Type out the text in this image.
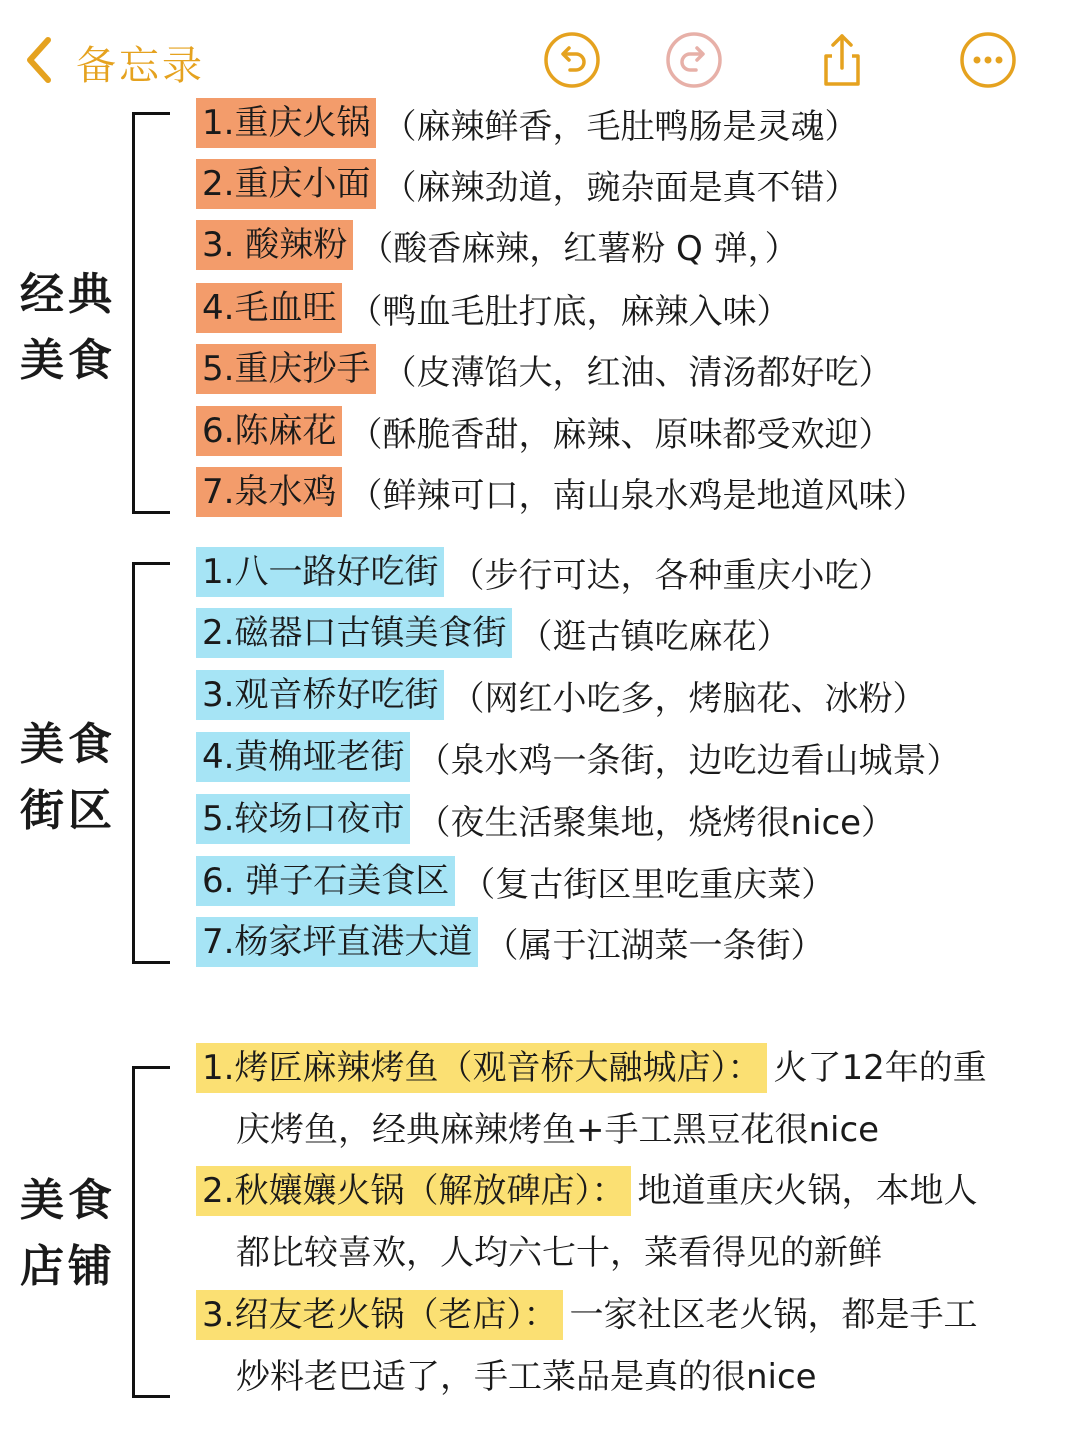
备忘录
经典
美食
1.重庆火锅 （麻辣鲜香，毛肚鸭肠是灵魂）
2.重庆小面 （麻辣劲道，豌杂面是真不错）
3. 酸辣粉 （酸香麻辣，红薯粉 Q 弹，）
4.毛血旺 （鸭血毛肚打底，麻辣入味）
5.重庆抄手 （皮薄馅大，红油、清汤都好吃）
6.陈麻花 （酥脆香甜，麻辣、原味都受欢迎）
7.泉水鸡 （鲜辣可口，南山泉水鸡是地道风味）
美食
街区
1.八一路好吃街 （步行可达，各种重庆小吃）
2.磁器口古镇美食街 （逛古镇吃麻花）
3.观音桥好吃街 （网红小吃多，烤脑花、冰粉）
4.黄桷垭老街 （泉水鸡一条街，边吃边看山城景）
5.较场口夜市 （夜生活聚集地，烧烤很nice）
6. 弹子石美食区 （复古街区里吃重庆菜）
7.杨家坪直港大道 （属于江湖菜一条街）
美食
店铺
1.烤匠麻辣烤鱼（观音桥大融城店）： 火了12年的重
庆烤鱼，经典麻辣烤鱼+手工黑豆花很nice
2.秋孃孃火锅（解放碑店）： 地道重庆火锅，本地人
都比较喜欢，人均六七十，菜看得见的新鲜
3.绍友老火锅（老店）： 一家社区老火锅，都是手工
炒料老巴适了，手工菜品是真的很nice
